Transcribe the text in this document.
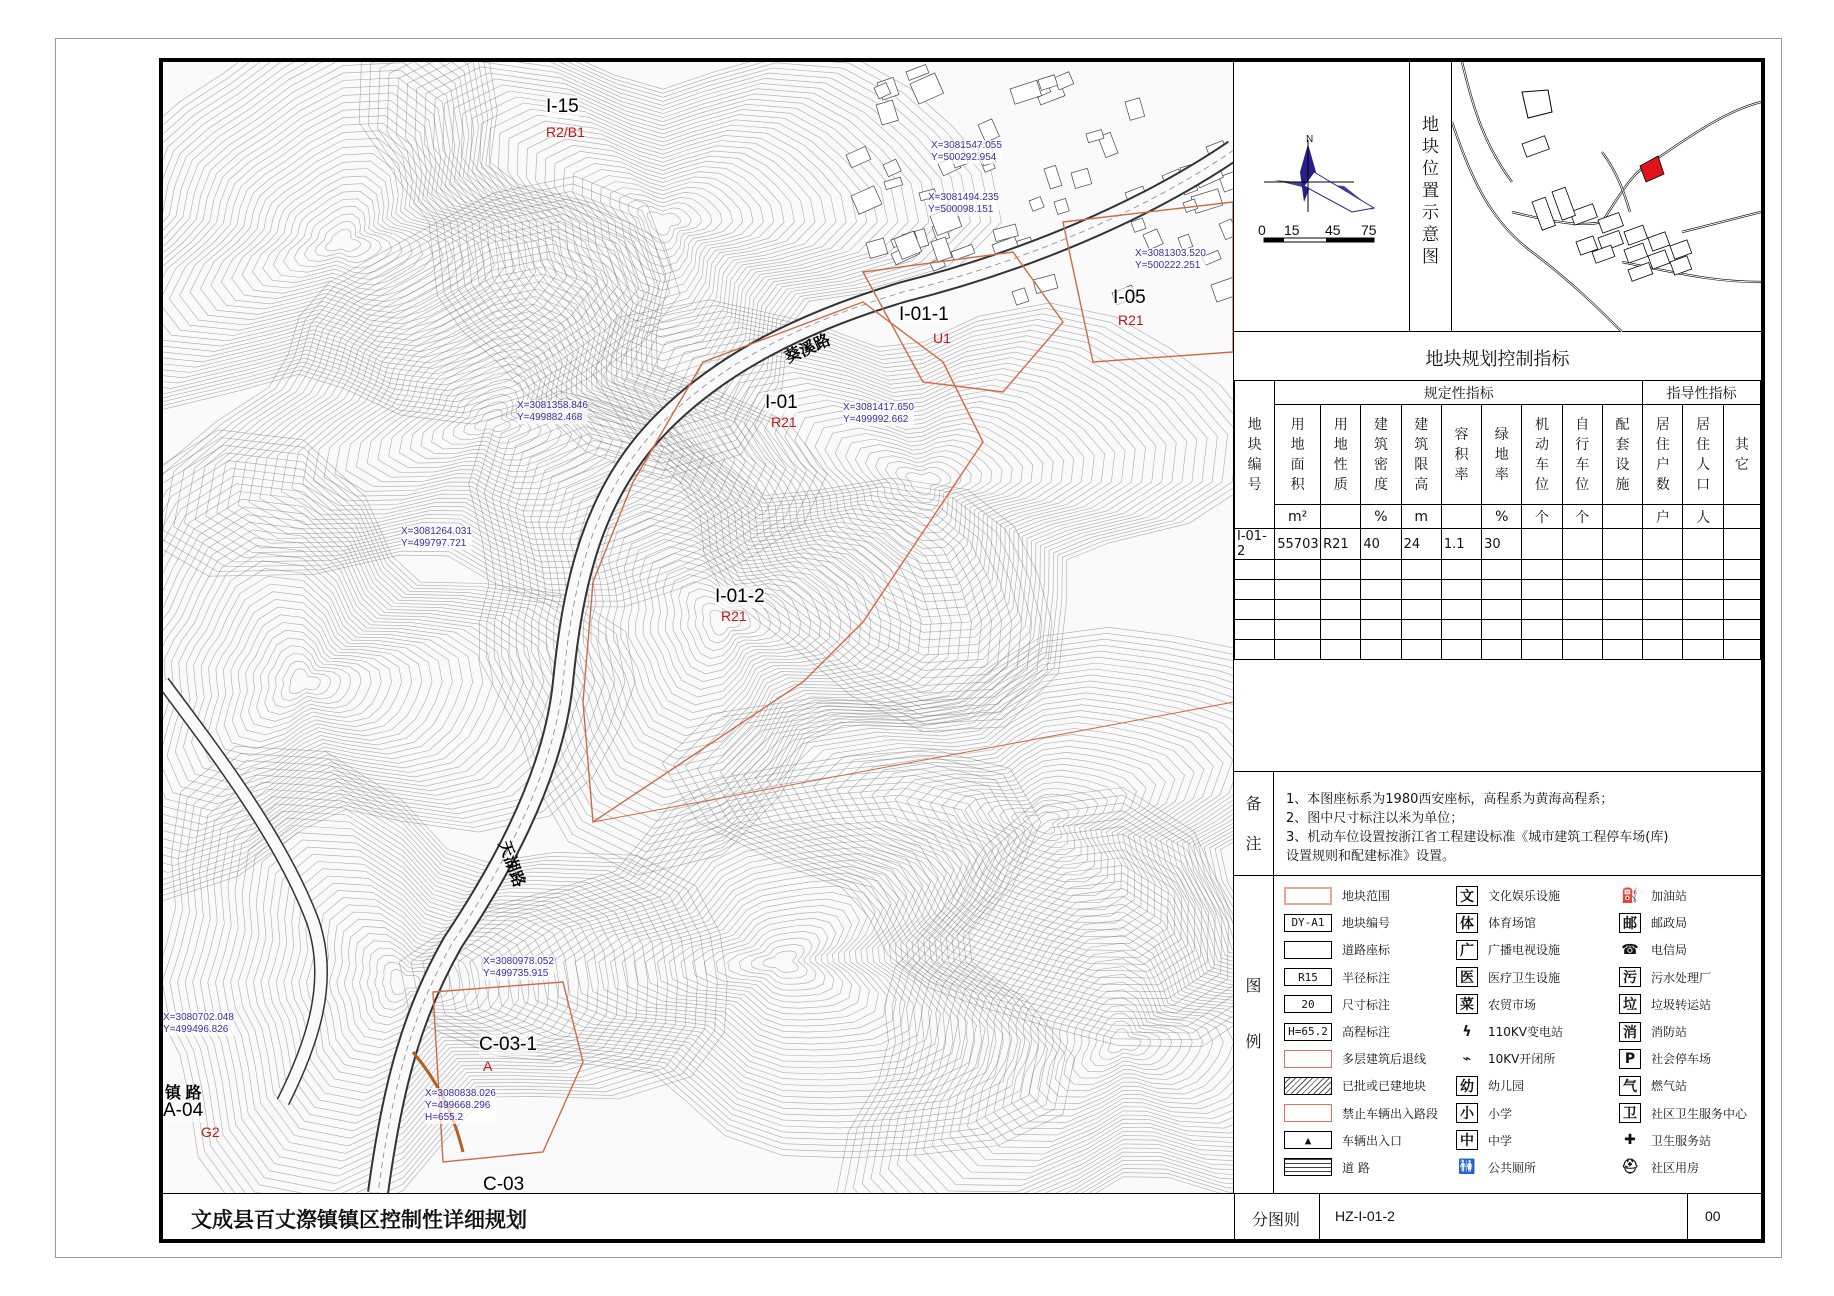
I-15
R2/B1
I-01-1
U1
I-05
R21
I-01
R21
I-01-2
R21
C-03-1
A
A-04
G2
C-03
葵溪路
天湖路
镇 路
X=3081547.055
Y=500292.954
X=3081494.235
Y=500098.151
X=3081303.520
Y=500222.251
X=3081358.846
Y=499882.468
X=3081417.650
Y=499992.662
X=3081264.031
Y=499797.721
X=3080978.052
Y=499735.915
X=3080702.048
Y=499496.826
X=3080838.026
Y=499668.296
H=655.2
N
0 15 45 75
地块位置示意图
地块规划控制指标
地块编号	规定性指标									指导性指标		
	用地面积	用地性质	建筑密度	建筑限高	容积率	绿地率	机动车位	自行车位	配套设施	居住户数	居住人口	其它
	m²		%	m		%	个	个		户	人	
I-01-2	55703	R21	40	24	1.1	30						

备注
1、本图座标系为1980西安座标，高程系为黄海高程系；
2、图中尺寸标注以米为单位；
3、机动车位设置按浙江省工程建设标准《城市建筑工程停车场(库)
设置规则和配建标准》设置。
图例
地块范围
DY-A1	地块编号
道路座标
R15	半径标注
20	尺寸标注
H=65.2	高程标注
多层建筑后退线
已批或已建地块
禁止车辆出入路段
▲	车辆出入口
道 路
文	文化娱乐设施
体	体育场馆
广	广播电视设施
医	医疗卫生设施
菜	农贸市场
ϟ	110KV变电站
⌁	10KV开闭所
幼	幼儿园
小	小学
中	中学
🚻 公共厕所
⛽ 加油站
邮	邮政局
☎ 电信局
污	污水处理厂
垃	垃圾转运站
消	消防站
P	社会停车场
气	燃气站
卫	社区卫生服务中心
✚	卫生服务站
⛑ 社区用房
文成县百丈漈镇镇区控制性详细规划	分图则 HZ-I-01-2	00
